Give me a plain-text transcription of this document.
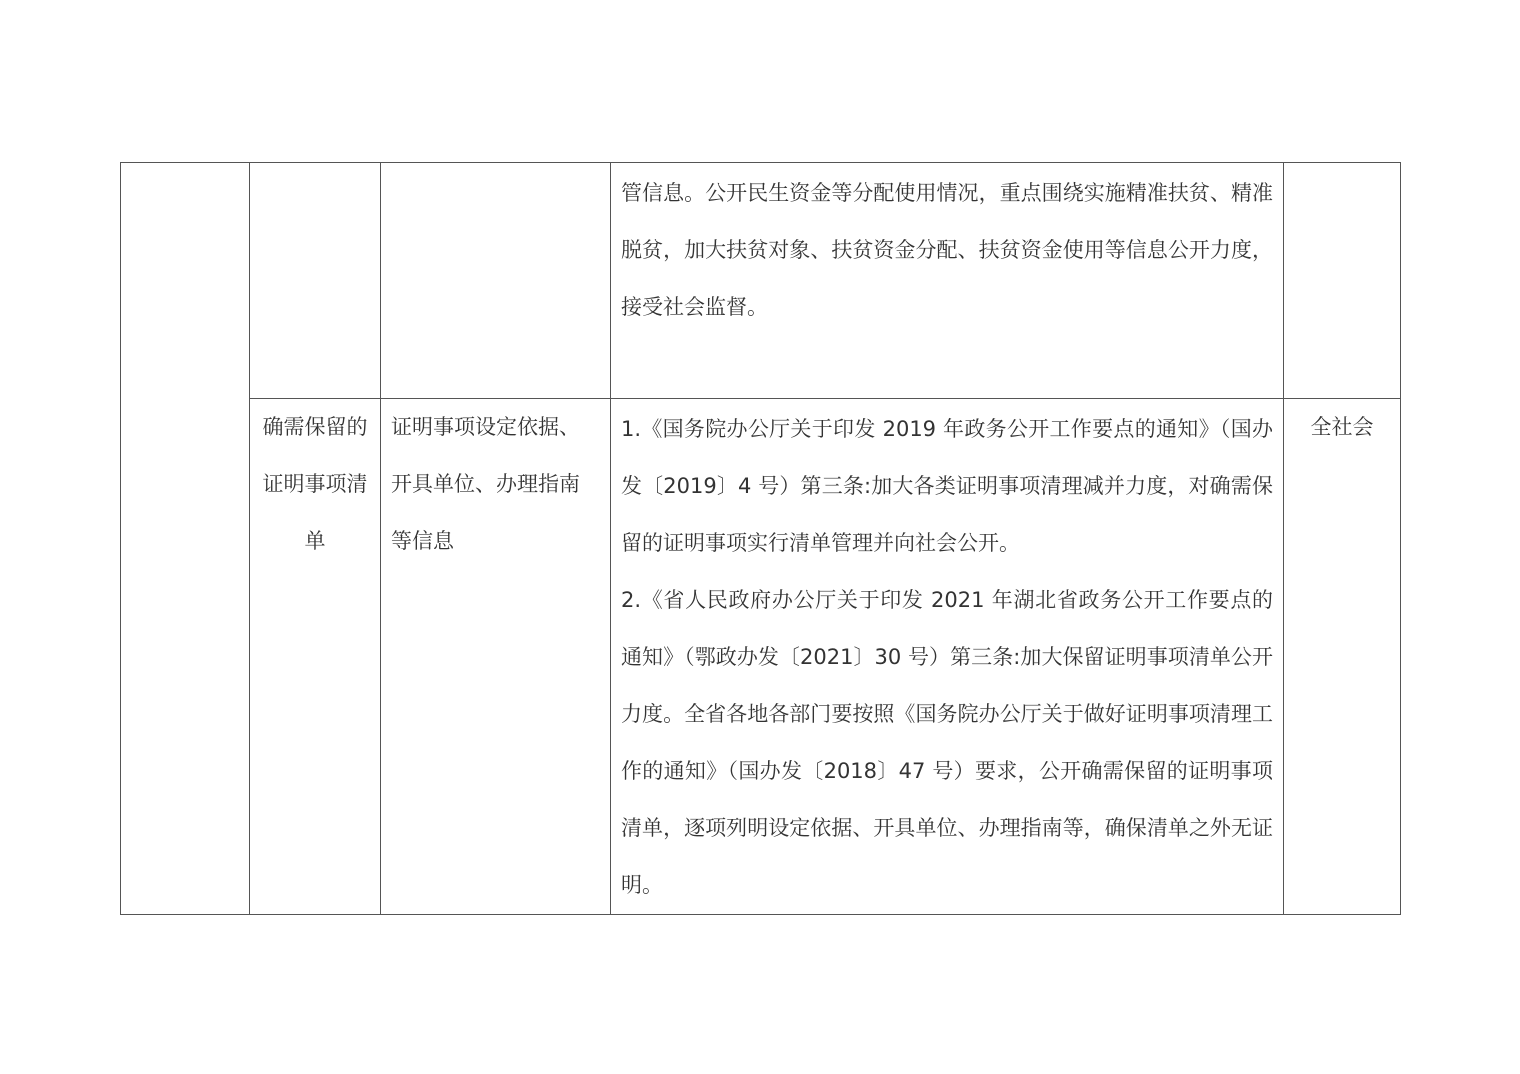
			管信息。公开民生资金等分配使用情况，重点围绕实施精准扶贫、精准脱贫，加大扶贫对象、扶贫资金分配、扶贫资金使用等信息公开力度，接受社会监督。	

	确需保留的证明事项清单	证明事项设定依据、开具单位、办理指南等信息	1.《国务院办公厅关于印发 2019 年政务公开工作要点的通知》（国办发〔2019〕4 号）第三条:加大各类证明事项清理减并力度，对确需保留的证明事项实行清单管理并向社会公开。
2.《省人民政府办公厅关于印发 2021 年湖北省政务公开工作要点的通知》（鄂政办发〔2021〕30 号）第三条:加大保留证明事项清单公开力度。全省各地各部门要按照《国务院办公厅关于做好证明事项清理工作的通知》（国办发〔2018〕47 号）要求，公开确需保留的证明事项清单，逐项列明设定依据、开具单位、办理指南等，确保清单之外无证明。	全社会
